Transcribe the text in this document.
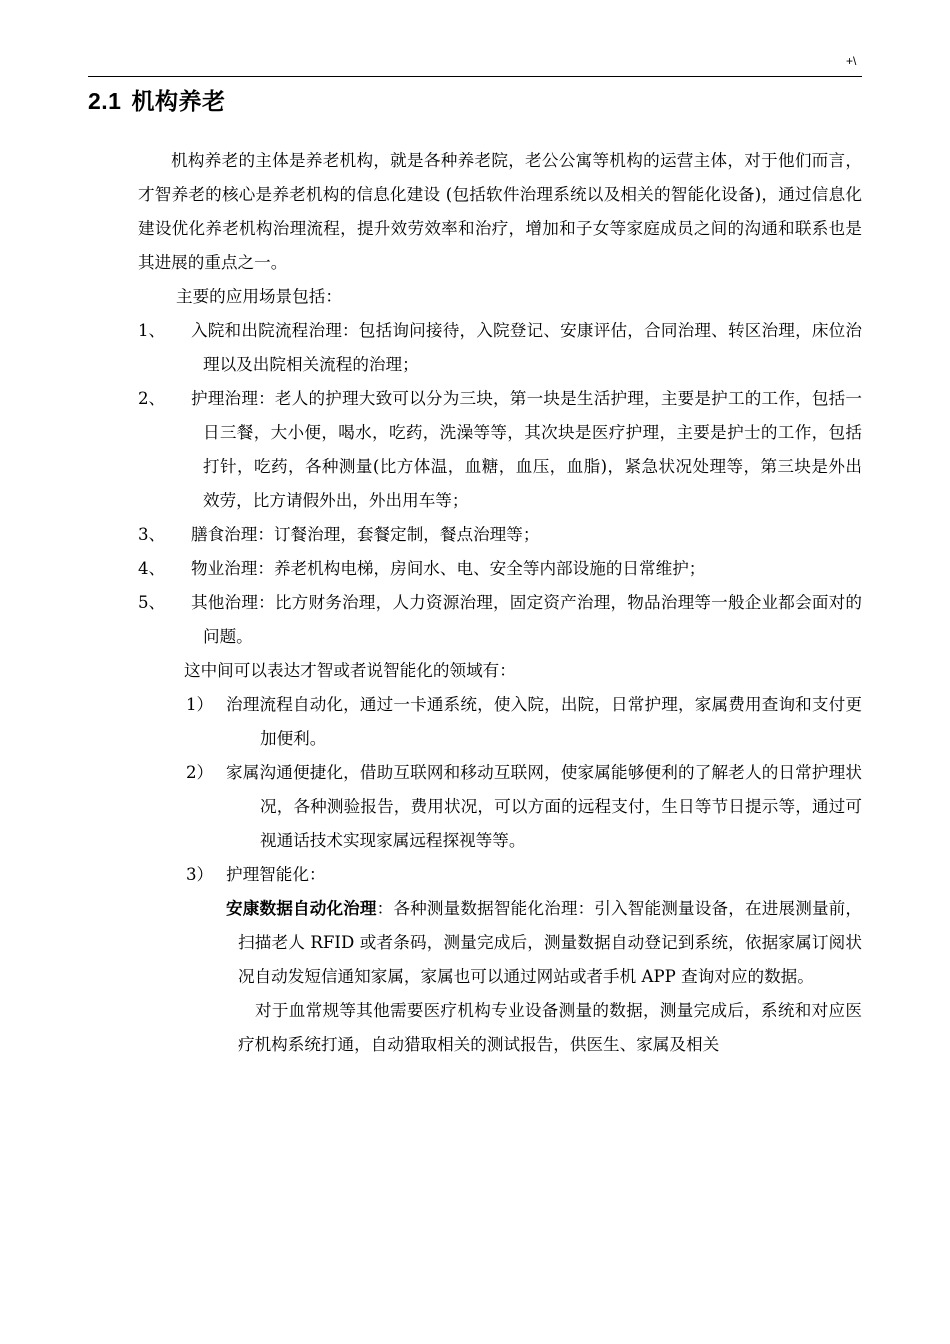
+\
2.1 机构养老

机构养老的主体是养老机构，就是各种养老院，老公公寓等机构的运营主体，对于他们而言，才智养老的核心是养老机构的信息化建设 (包括软件治理系统以及相关的智能化设备)，通过信息化建设优化养老机构治理流程，提升效劳效率和治疗，增加和子女等家庭成员之间的沟通和联系也是其进展的重点之一。

主要的应用场景包括：

1、 入院和出院流程治理：包括询问接待，入院登记、安康评估，合同治理、转区治理，床位治理以及出院相关流程的治理；
2、 护理治理：老人的护理大致可以分为三块，第一块是生活护理，主要是护工的工作，包括一日三餐，大小便，喝水，吃药，洗澡等等，其次块是医疗护理，主要是护士的工作，包括打针，吃药，各种测量(比方体温，血糖，血压，血脂)，紧急状况处理等，第三块是外出效劳，比方请假外出，外出用车等；
3、 膳食治理：订餐治理，套餐定制，餐点治理等；
4、 物业治理：养老机构电梯，房间水、电、安全等内部设施的日常维护；
5、 其他治理：比方财务治理，人力资源治理，固定资产治理，物品治理等一般企业都会面对的问题。

这中间可以表达才智或者说智能化的领域有：

1） 治理流程自动化，通过一卡通系统，使入院，出院，日常护理，家属费用查询和支付更加便利。
2） 家属沟通便捷化，借助互联网和移动互联网，使家属能够便利的了解老人的日常护理状况，各种测验报告，费用状况，可以方面的远程支付，生日等节日提示等，通过可视通话技术实现家属远程探视等等。
3） 护理智能化：
安康数据自动化治理：各种测量数据智能化治理：引入智能测量设备，在进展测量前，扫描老人 RFID 或者条码，测量完成后，测量数据自动登记到系统，依据家属订阅状况自动发短信通知家属，家属也可以通过网站或者手机 APP 查询对应的数据。

对于血常规等其他需要医疗机构专业设备测量的数据，测量完成后，系统和对应医疗机构系统打通，自动猎取相关的测试报告，供医生、家属及相关
